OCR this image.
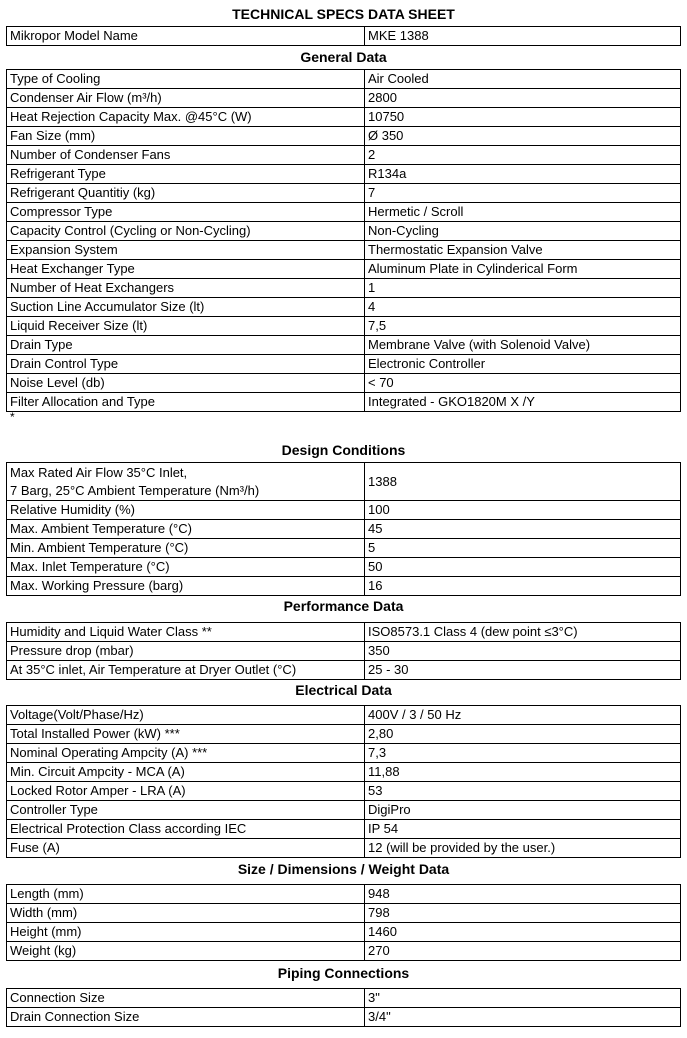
TECHNICAL SPECS DATA SHEET
Mikropor Model Name	MKE 1388
General Data
Type of Cooling	Air Cooled
Condenser Air Flow (m³/h)	2800
Heat Rejection Capacity Max. @45°C (W)	10750
Fan Size (mm)	Ø 350
Number of Condenser Fans	2
Refrigerant Type	R134a
Refrigerant Quantitiy (kg)	7
Compressor Type	Hermetic / Scroll
Capacity Control (Cycling or Non-Cycling)	Non-Cycling
Expansion System	Thermostatic Expansion Valve
Heat Exchanger Type	Aluminum Plate in Cylinderical Form
Number of Heat Exchangers	1
Suction Line Accumulator Size (lt)	4
Liquid Receiver Size (lt)	7,5
Drain Type	Membrane Valve (with Solenoid Valve)
Drain Control Type	Electronic Controller
Noise Level (db)	< 70
Filter Allocation and Type	Integrated - GKO1820M X /Y
*
Design Conditions
Max Rated Air Flow 35°C Inlet,
7 Barg, 25°C Ambient Temperature (Nm³/h)	1388
Relative Humidity (%)	100
Max. Ambient Temperature (°C)	45
Min. Ambient Temperature (°C)	5
Max. Inlet Temperature (°C)	50
Max. Working Pressure (barg)	16
Performance Data
Humidity and Liquid Water Class **	ISO8573.1 Class 4 (dew point ≤3°C)
Pressure drop (mbar)	350
At 35°C inlet, Air Temperature at Dryer Outlet (°C)	25 - 30
Electrical Data
Voltage(Volt/Phase/Hz)	400V / 3 / 50 Hz
Total Installed Power (kW) ***	2,80
Nominal Operating Ampcity (A) ***	7,3
Min. Circuit Ampcity - MCA (A)	11,88
Locked Rotor Amper - LRA (A)	53
Controller Type	DigiPro
Electrical Protection Class according IEC	IP 54
Fuse (A)	12 (will be provided by the user.)
Size / Dimensions / Weight Data
Length (mm)	948
Width (mm)	798
Height (mm)	1460
Weight (kg)	270
Piping Connections
Connection Size	3"
Drain Connection Size	3/4"
